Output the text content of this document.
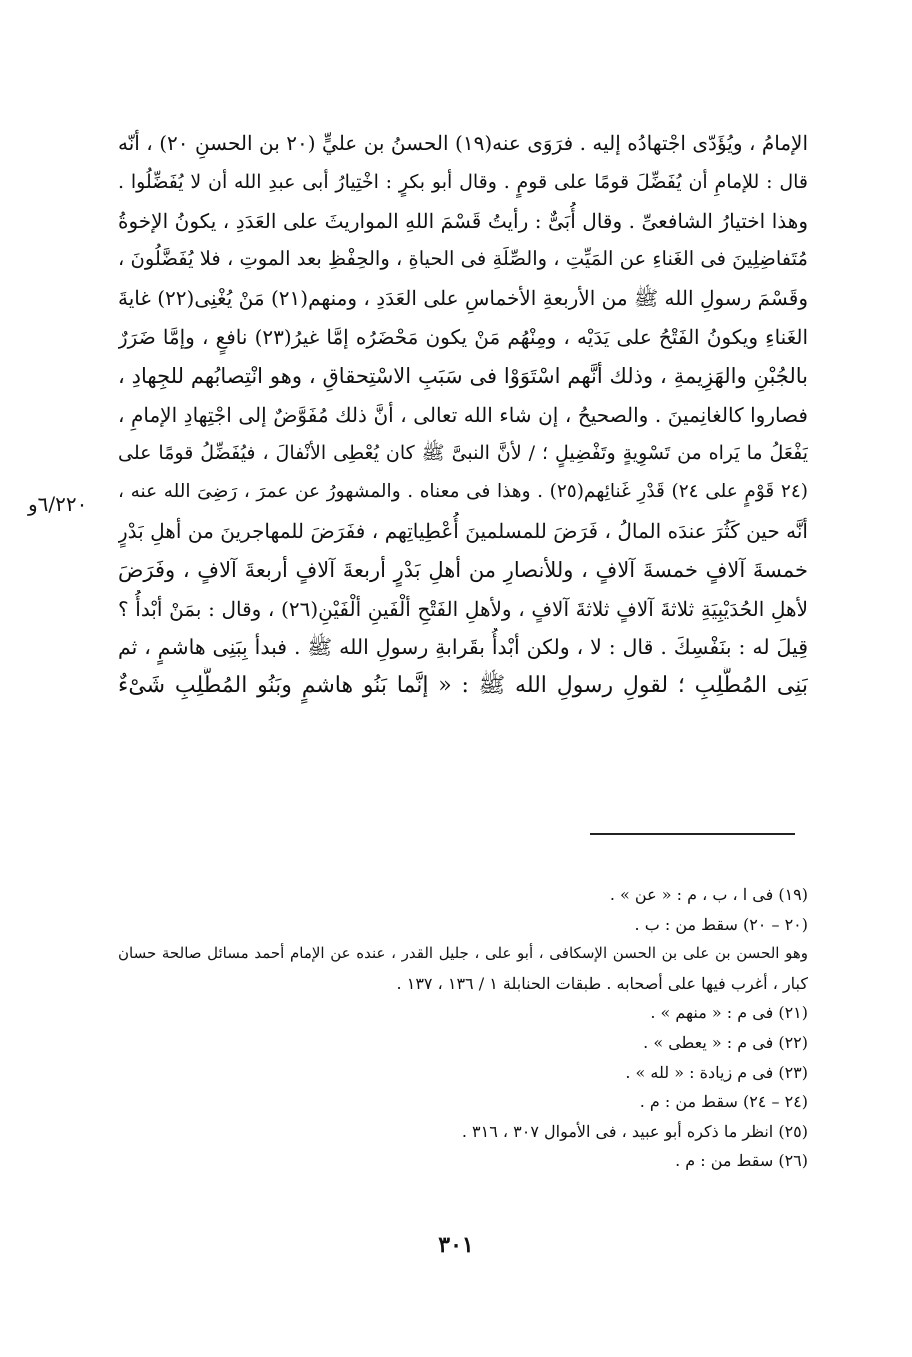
الإمامُ ، ويُؤَدّى اجْتهادُه إليه . فرَوَى عنه(١٩) الحسنُ بن عليٍّ (٢٠ بن الحسنِ ٢٠) ، أنّه
قال : للإمامِ أن يُفَضِّلَ قومًا على قومٍ . وقال أبو بكرٍ : اخْتِيارُ أبى عبدِ الله أن لا يُفَضِّلُوا .
وهذا اختيارُ الشافعىِّ . وقال أُبَىٌّ : رأيتُ قَسْمَ اللهِ المواريثَ على العَدَدِ ، يكونُ الإخوةُ
مُتَفاضِلِينَ فى الغَناءِ عن المَيِّتِ ، والصِّلَةِ فى الحياةِ ، والحِفْظِ بعد الموتِ ، فلا يُفَضَّلُونَ ،
وقَسْمَ رسولِ الله ﷺ من الأربعةِ الأخماسِ على العَدَدِ ، ومنهم(٢١) مَنْ يُغْنِى(٢٢) غايةَ
الغَناءِ ويكونُ الفَتْحُ على يَدَيْه ، ومِنْهُم مَنْ يكون مَحْضَرُه إمَّا غيرُ(٢٣) نافعٍ ، وإمَّا ضَرَرٌ
بالجُبْنِ والهَزِيمةِ ، وذلك أنَّهم اسْتَوَوْا فى سَبَبِ الاسْتِحقاقِ ، وهو انْتِصابُهم للجِهادِ ،
فصاروا كالغانِمينَ . والصحيحُ ، إن شاء الله تعالى ، أنَّ ذلك مُفَوَّضٌ إلى اجْتِهادِ الإمامِ ،
يَفْعَلُ ما يَراه من تَسْوِيةٍ وتَفْضِيلٍ ؛ / لأنَّ النبىَّ ﷺ كان يُعْطِى الأنْفالَ ، فيُفَضِّلُ قومًا على
(٢٤ قَوْمٍ على ٢٤) قَدْرِ غَنائِهم(٢٥) . وهذا فى معناه . والمشهورُ عن عمرَ ، رَضِىَ الله عنه ،
أنَّه حين كَثُرَ عندَه المالُ ، فَرَضَ للمسلمينَ أُعْطِياتِهم ، ففَرَضَ للمهاجرينَ من أهلِ بَدْرٍ
خمسةَ آلافٍ خمسةَ آلافٍ ، وللأنصارِ من أهلِ بَدْرٍ أربعةَ آلافٍ أربعةَ آلافٍ ، وفَرَضَ
لأهلِ الحُدَيْبِيَةِ ثلاثةَ آلافٍ ثلاثةَ آلافٍ ، ولأهلِ الفَتْحِ ألْفَينِ ألْفَيْنِ(٢٦) ، وقال : بمَنْ أبْدأُ ؟
قِيلَ له : بنَفْسِكَ . قال : لا ، ولكن أبْدأُ بقَرابةِ رسولِ الله ﷺ . فبدأ بِبَنِى هاشمٍ ، ثم
بَنِى المُطَّلِبِ ؛ لقولِ رسولِ الله ﷺ : « إنَّما بَنُو هاشمٍ وبَنُو المُطَّلِبِ شَىْءٌ
٦/٢٢٠و
(١٩) فى ا ، ب ، م : « عن » .
(٢٠ – ٢٠) سقط من : ب .
وهو الحسن بن على بن الحسن الإسكافى ، أبو على ، جليل القدر ، عنده عن الإمام أحمد مسائل صالحة حسان
كبار ، أغرب فيها على أصحابه . طبقات الحنابلة ١ / ١٣٦ ، ١٣٧ .
(٢١) فى م : « منهم » .
(٢٢) فى م : « يعطى » .
(٢٣) فى م زيادة : « لله » .
(٢٤ – ٢٤) سقط من : م .
(٢٥) انظر ما ذكره أبو عبيد ، فى الأموال ٣٠٧ ، ٣١٦ .
(٢٦) سقط من : م .
٣٠١
